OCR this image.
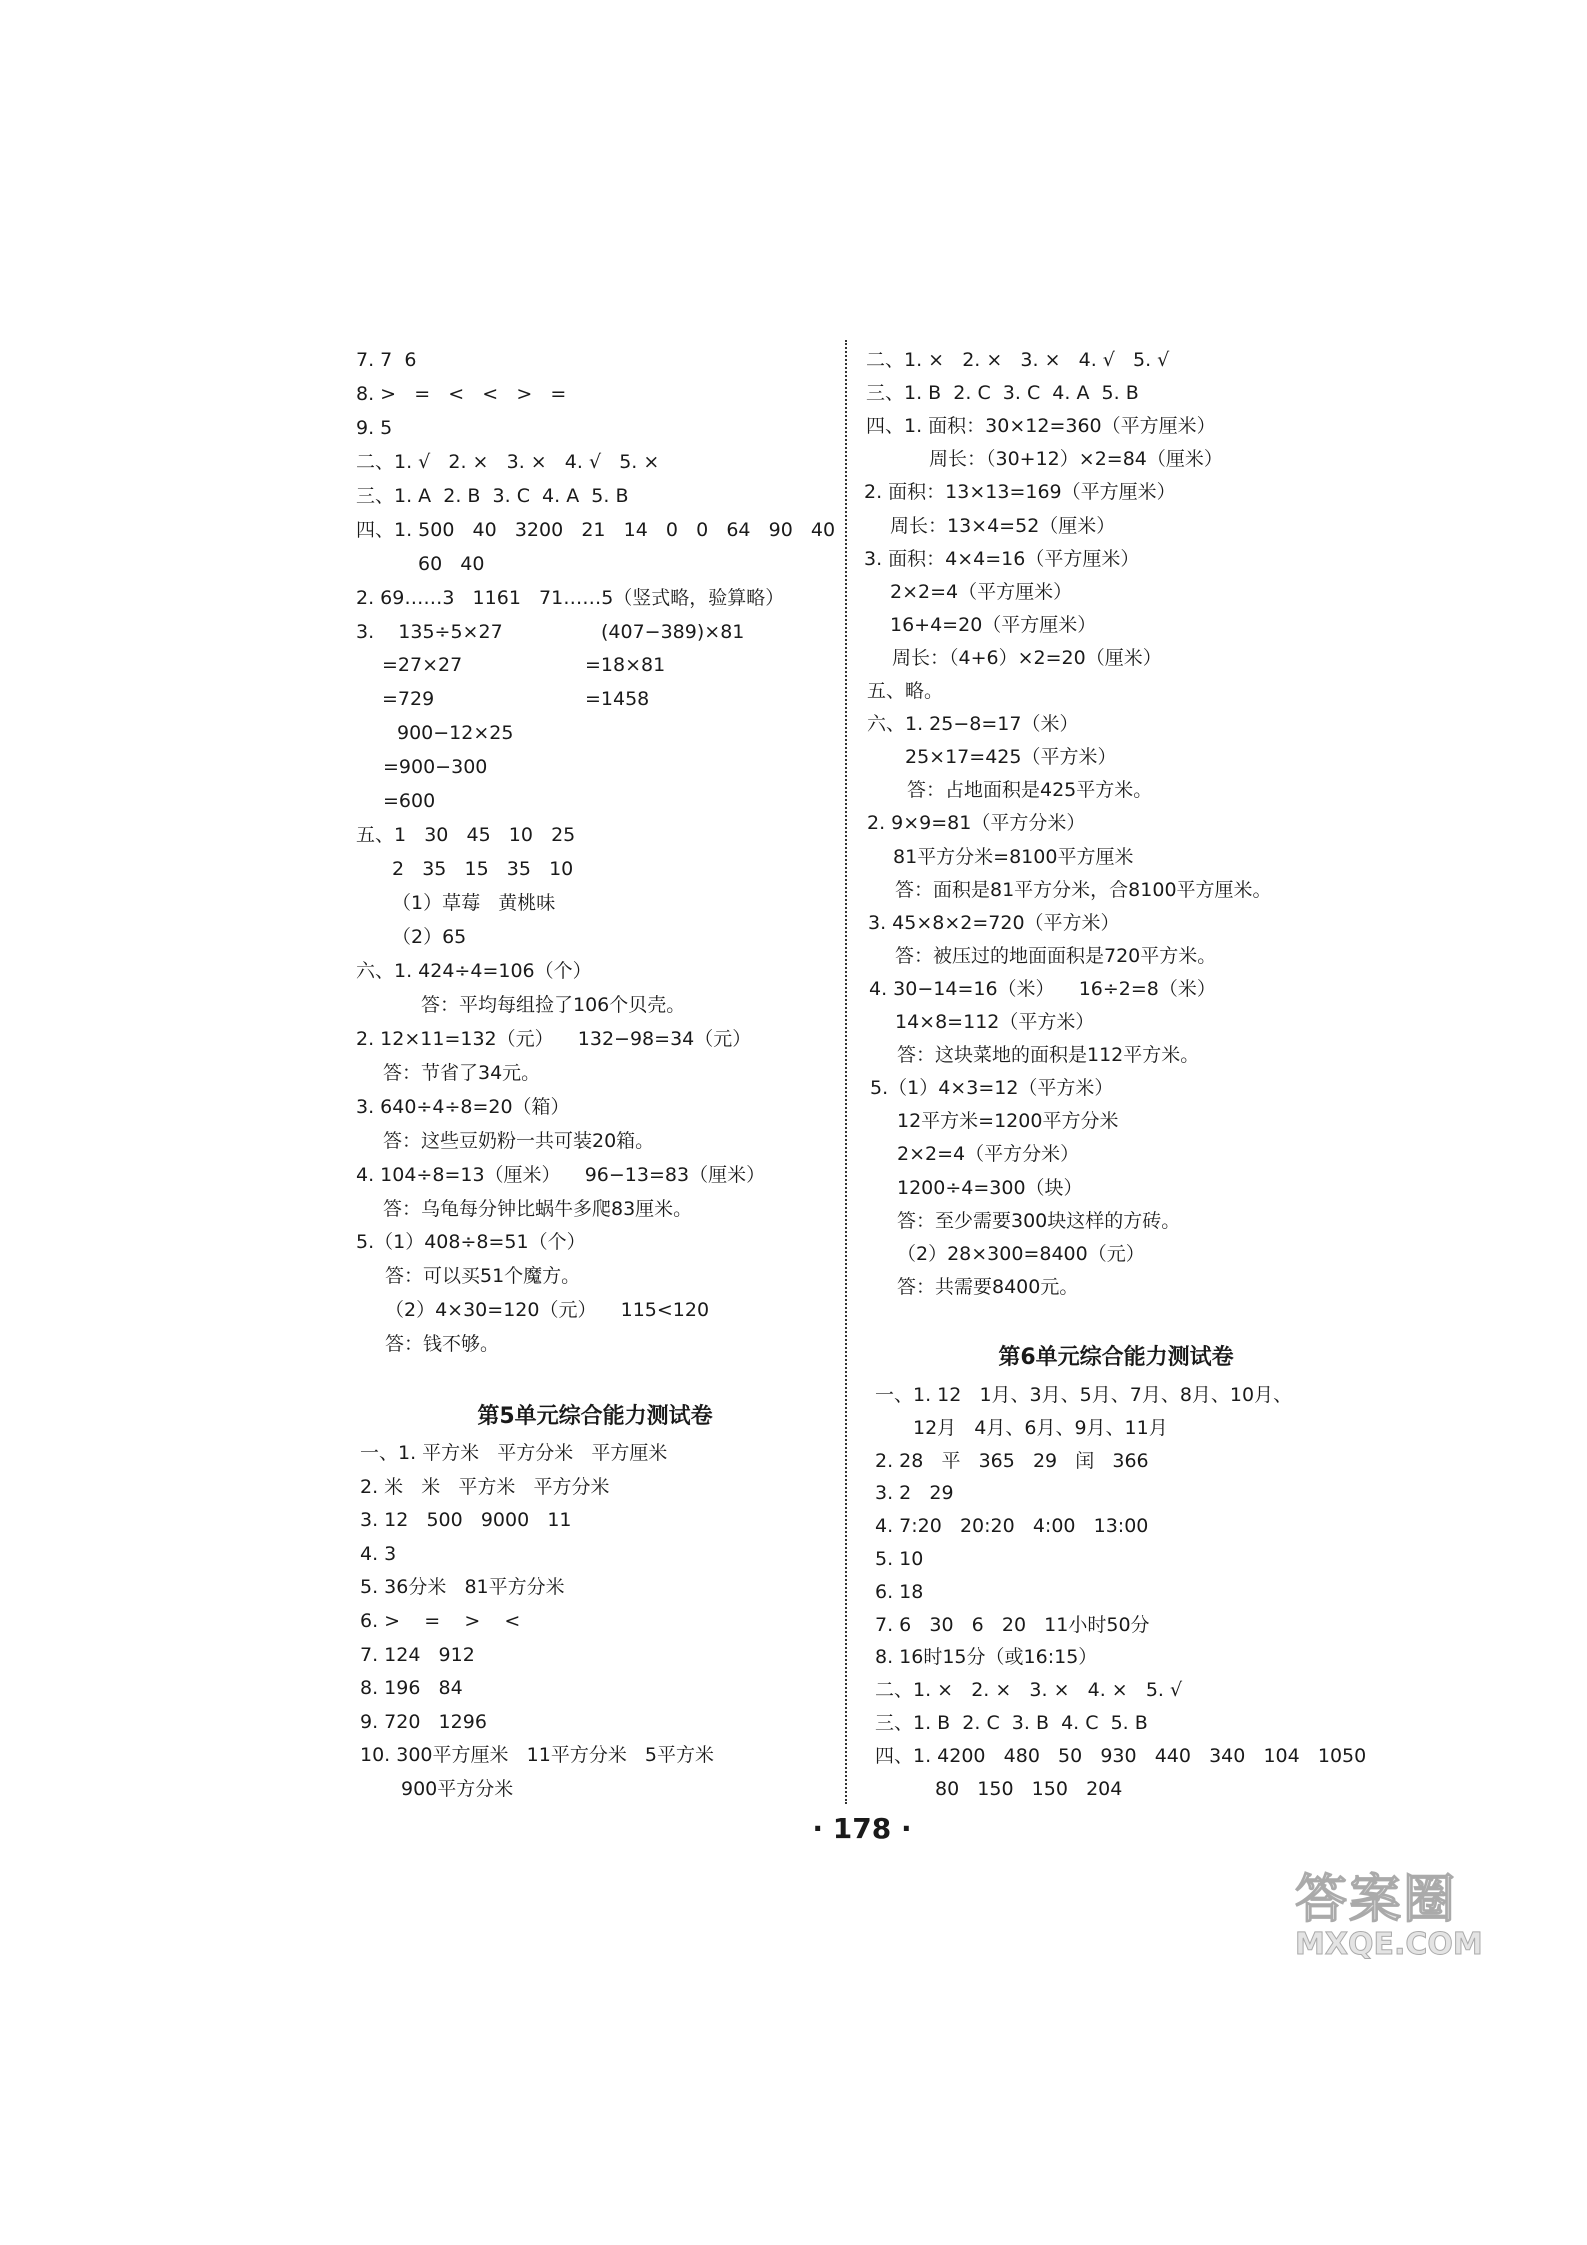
7. 7  6
8. >   =   <   <   >   =
9. 5
二、1. √   2. ×   3. ×   4. √   5. ×
三、1. A  2. B  3. C  4. A  5. B
四、1. 500   40   3200   21   14   0   0   64   90   40
60   40
2. 69……3   1161   71……5（竖式略，验算略）
3.    135÷5×27	(407−389)×81
=27×27	=18×81
=729	=1458
900−12×25
=900−300
=600
五、1   30   45   10   25
2   35   15   35   10
（1）草莓   黄桃味
（2）65
六、1. 424÷4=106（个）
答：平均每组捡了106个贝壳。
2. 12×11=132（元）    132−98=34（元）
答：节省了34元。
3. 640÷4÷8=20（箱）
答：这些豆奶粉一共可装20箱。
4. 104÷8=13（厘米）    96−13=83（厘米）
答：乌龟每分钟比蜗牛多爬83厘米。
5.（1）408÷8=51（个）
答：可以买51个魔方。
（2）4×30=120（元）    115<120
答：钱不够。
一、1. 平方米   平方分米   平方厘米
2. 米   米   平方米   平方分米
3. 12   500   9000   11
4. 3
5. 36分米   81平方分米
6. >    =    >    <
7. 124   912
8. 196   84
9. 720   1296
10. 300平方厘米   11平方分米   5平方米
900平方分米
第5单元综合能力测试卷
二、1. ×   2. ×   3. ×   4. √   5. √
三、1. B  2. C  3. C  4. A  5. B
四、1. 面积：30×12=360（平方厘米）
周长：（30+12）×2=84（厘米）
2. 面积：13×13=169（平方厘米）
周长：13×4=52（厘米）
3. 面积：4×4=16（平方厘米）
2×2=4（平方厘米）
16+4=20（平方厘米）
周长：（4+6）×2=20（厘米）
五、略。
六、1. 25−8=17（米）
25×17=425（平方米）
答：占地面积是425平方米。
2. 9×9=81（平方分米）
81平方分米=8100平方厘米
答：面积是81平方分米，合8100平方厘米。
3. 45×8×2=720（平方米）
答：被压过的地面面积是720平方米。
4. 30−14=16（米）    16÷2=8（米）
14×8=112（平方米）
答：这块菜地的面积是112平方米。
5.（1）4×3=12（平方米）
12平方米=1200平方分米
2×2=4（平方分米）
1200÷4=300（块）
答：至少需要300块这样的方砖。
（2）28×300=8400（元）
答：共需要8400元。
一、1. 12   1月、3月、5月、7月、8月、10月、
12月   4月、6月、9月、11月
2. 28   平   365   29   闰   366
3. 2   29
4. 7:20   20:20   4:00   13:00
5. 10
6. 18
7. 6   30   6   20   11小时50分
8. 16时15分（或16:15）
二、1. ×   2. ×   3. ×   4. ×   5. √
三、1. B  2. C  3. B  4. C  5. B
四、1. 4200   480   50   930   440   340   104   1050
80   150   150   204
第6单元综合能力测试卷
· 178 ·
答案圈
MXQE.COM
